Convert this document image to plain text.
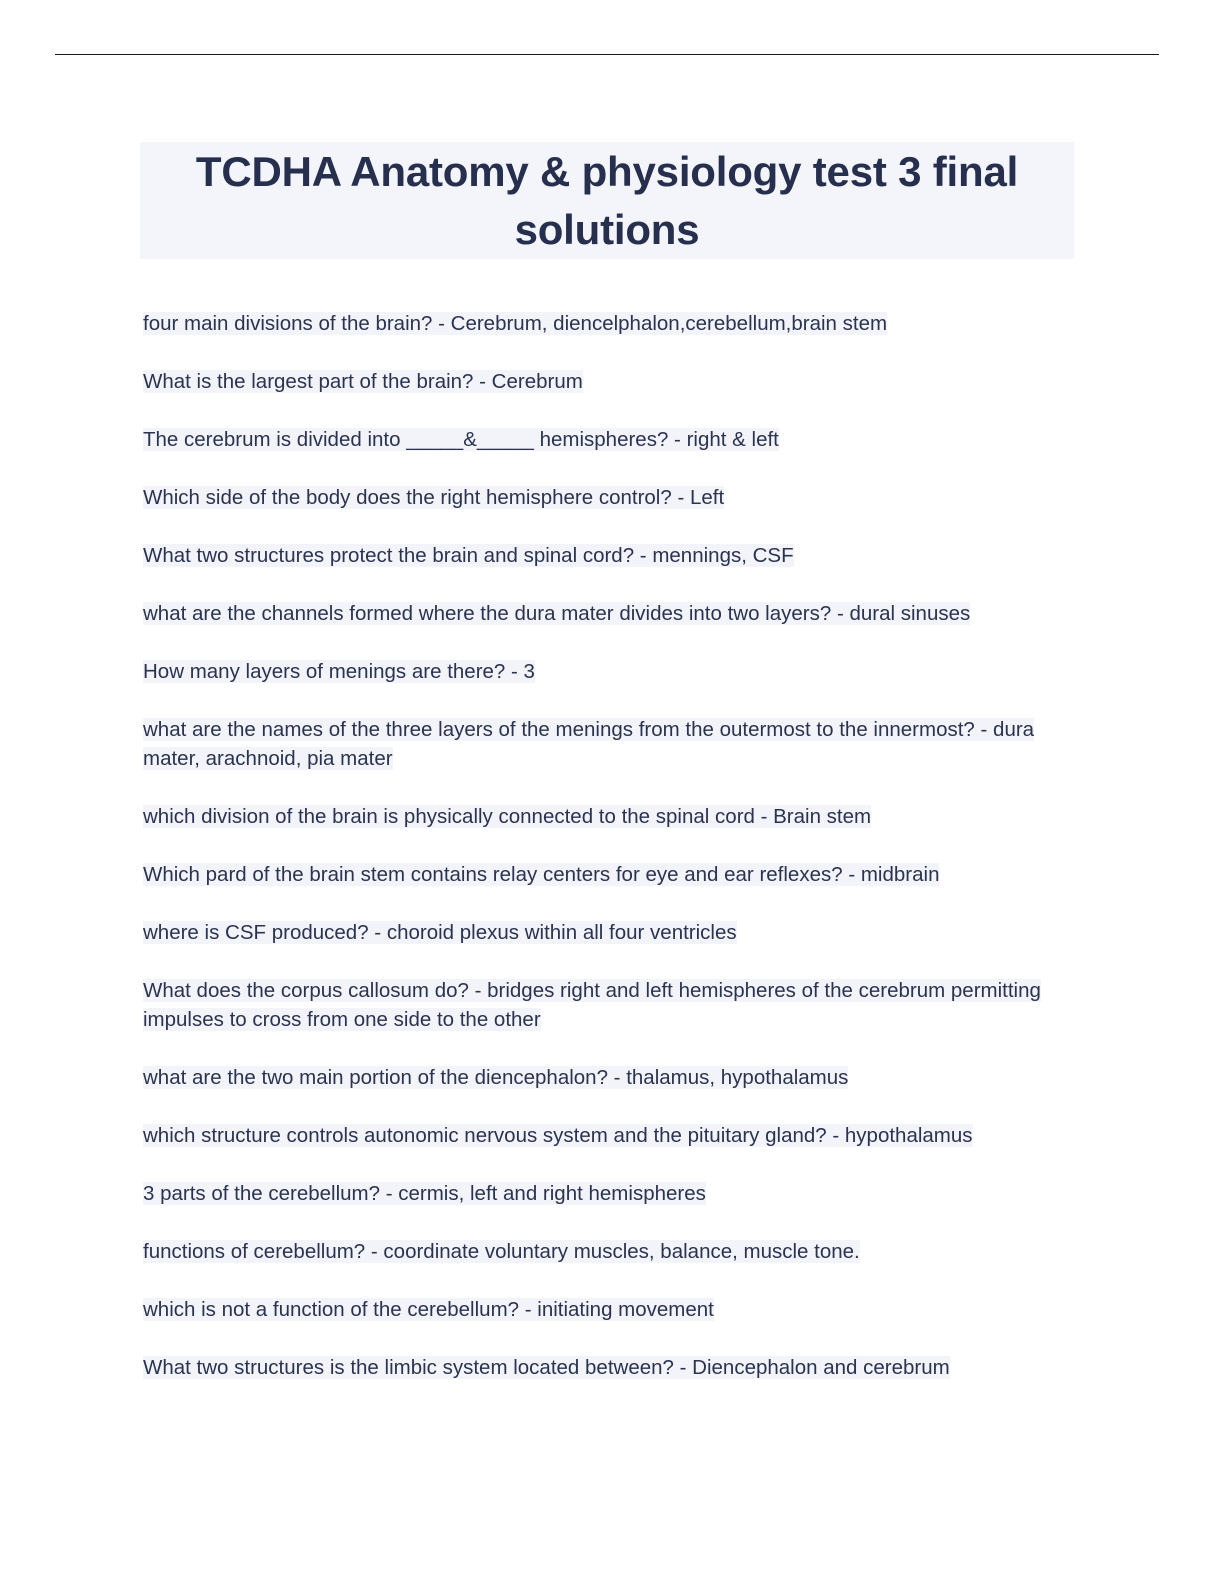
TCDHA Anatomy & physiology test 3 final solutions
four main divisions of the brain? - Cerebrum, diencelphalon,cerebellum,brain stem
What is the largest part of the brain? - Cerebrum
The cerebrum is divided into _____&_____ hemispheres? - right & left
Which side of the body does the right hemisphere control? - Left
What two structures protect the brain and spinal cord? - mennings, CSF
what are the channels formed where the dura mater divides into two layers? - dural sinuses
How many layers of menings are there? - 3
what are the names of the three layers of the menings from the outermost to the innermost? - dura mater, arachnoid, pia mater
which division of the brain is physically connected to the spinal cord - Brain stem
Which pard of the brain stem contains relay centers for eye and ear reflexes? - midbrain
where is CSF produced? - choroid plexus within all four ventricles
What does the corpus callosum do? - bridges right and left hemispheres of the cerebrum permitting impulses to cross from one side to the other
what are the two main portion of the diencephalon? - thalamus, hypothalamus
which structure controls autonomic nervous system and the pituitary gland? - hypothalamus
3 parts of the cerebellum? - cermis, left and right hemispheres
functions of cerebellum? - coordinate voluntary muscles, balance, muscle tone.
which is not a function of the cerebellum? - initiating movement
What two structures is the limbic system located between? - Diencephalon and cerebrum
